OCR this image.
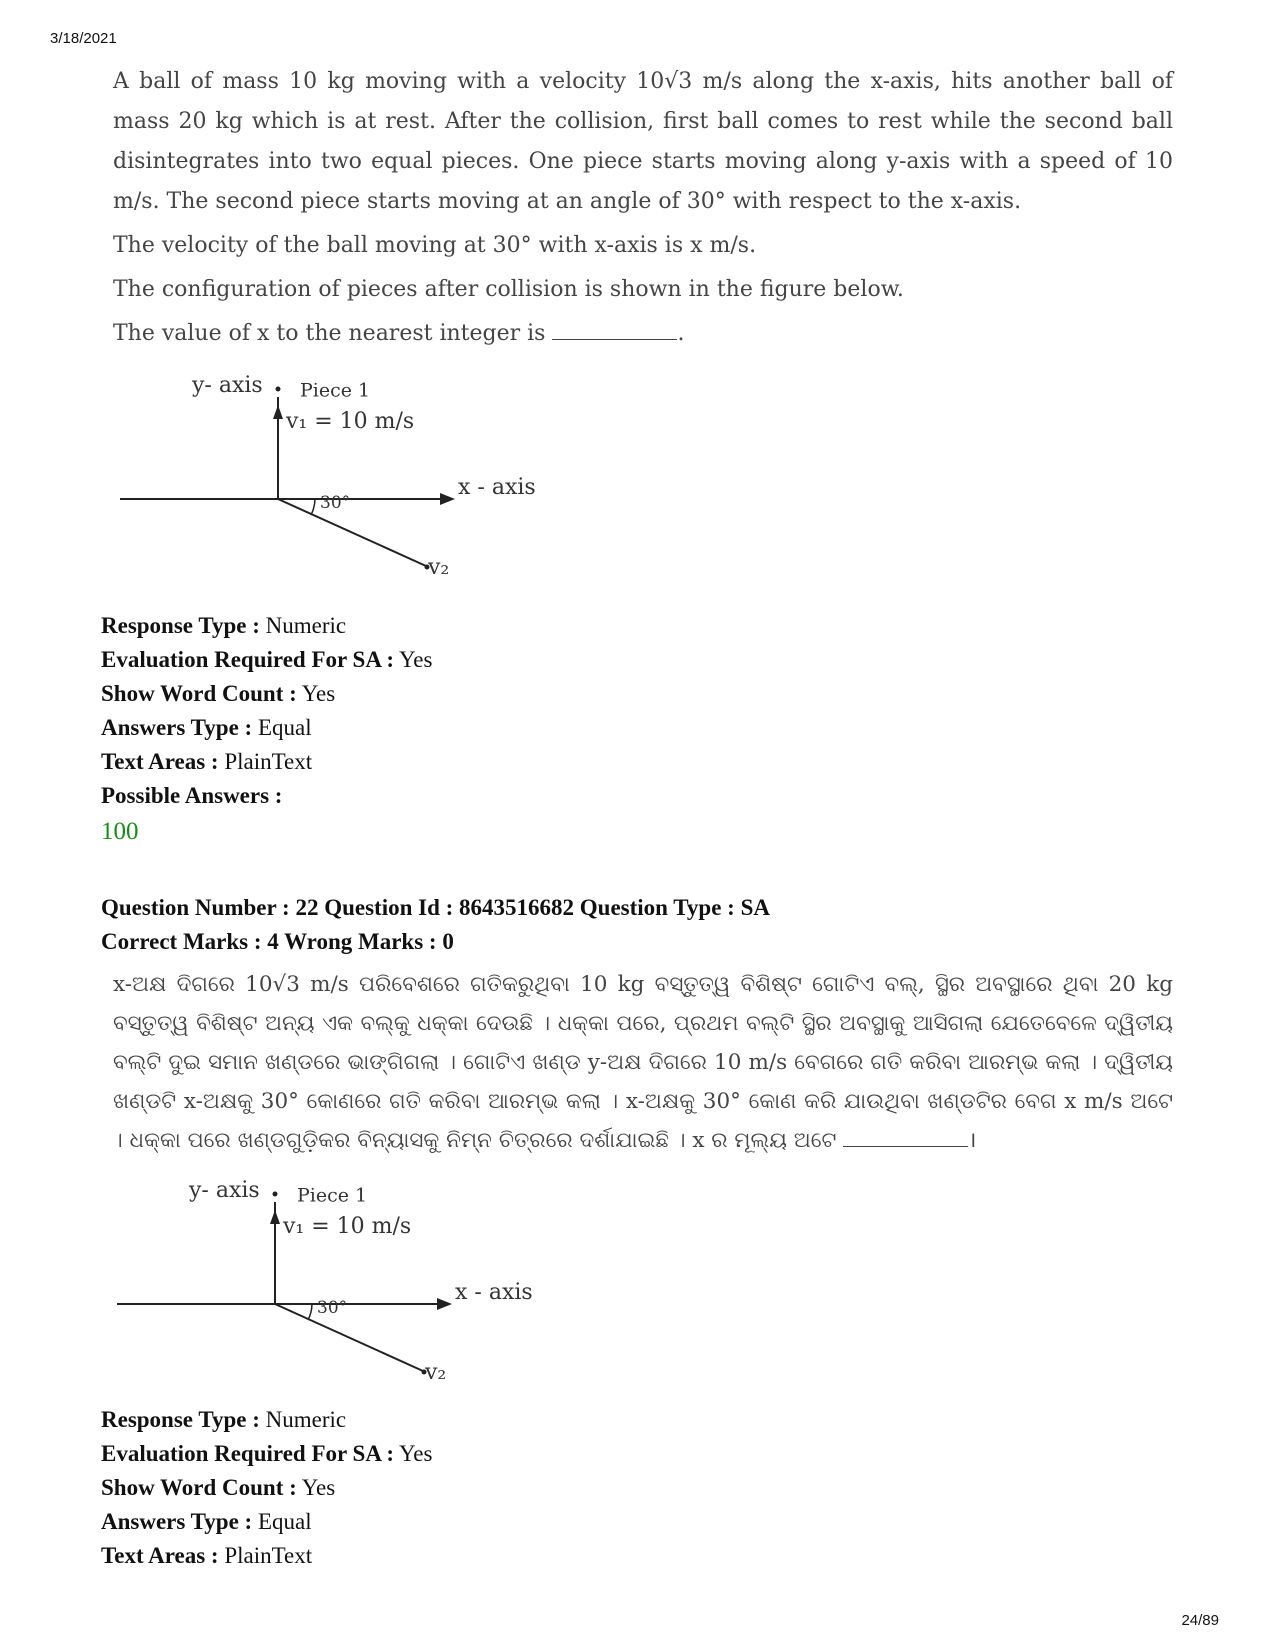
3/18/2021

A ball of mass 10 kg moving with a velocity 10√3 m/s along the x-axis, hits another ball of mass 20 kg which is at rest. After the collision, first ball comes to rest while the second ball disintegrates into two equal pieces. One piece starts moving along y-axis with a speed of 10 m/s. The second piece starts moving at an angle of 30° with respect to the x-axis.

The velocity of the ball moving at 30° with x-axis is x m/s.

The configuration of pieces after collision is shown in the figure below.

The value of x to the nearest integer is	.

y- axis Piece 1
v₁ = 10 m/s
x - axis
30°
v₂
Response Type : Numeric
Evaluation Required For SA : Yes
Show Word Count : Yes
Answers Type : Equal
Text Areas : PlainText
Possible Answers :
100
Question Number : 22 Question Id : 8643516682 Question Type : SA
Correct Marks : 4 Wrong Marks : 0

x-ଅକ୍ଷ ଦିଗରେ 10√3 m/s ପରିବେଶରେ ଗତିକରୁଥିବା 10 kg ବସ୍ତୁତ୍ୱ ବିଶିଷ୍ଟ ଗୋଟିଏ ବଲ୍, ସ୍ଥିର ଅବସ୍ଥାରେ ଥିବା 20 kg ବସ୍ତୁତ୍ୱ ବିଶିଷ୍ଟ ଅନ୍ୟ ଏକ ବଲ୍‌କୁ ଧକ୍କା ଦେଉଛି । ଧକ୍କା ପରେ, ପ୍ରଥମ ବଲ୍‌ଟି ସ୍ଥିର ଅବସ୍ଥାକୁ ଆସିଗଲା ଯେତେବେଳେ ଦ୍ୱିତୀୟ ବଲ୍‌ଟି ଦୁଇ ସମାନ ଖଣ୍ଡରେ ଭାଙ୍ଗିଗଲା । ଗୋଟିଏ ଖଣ୍ଡ y-ଅକ୍ଷ ଦିଗରେ 10 m/s ବେଗରେ ଗତି କରିବା ଆରମ୍ଭ କଲା । ଦ୍ୱିତୀୟ ଖଣ୍ଡଟି x-ଅକ୍ଷକୁ 30° କୋଣରେ ଗତି କରିବା ଆରମ୍ଭ କଲା । x-ଅକ୍ଷକୁ 30° କୋଣ କରି ଯାଉଥିବା ଖଣ୍ଡଟିର ବେଗ x m/s ଅଟେ । ଧକ୍କା ପରେ ଖଣ୍ଡଗୁଡ଼ିକର ବିନ୍ୟାସକୁ ନିମ୍ନ ଚିତ୍ରରେ ଦର୍ଶାଯାଇଛି । x ର ମୂଲ୍ୟ ଅଟେ	।

y- axis Piece 1
v₁ = 10 m/s
x - axis
30°
v₂
Response Type : Numeric
Evaluation Required For SA : Yes
Show Word Count : Yes
Answers Type : Equal
Text Areas : PlainText
24/89
